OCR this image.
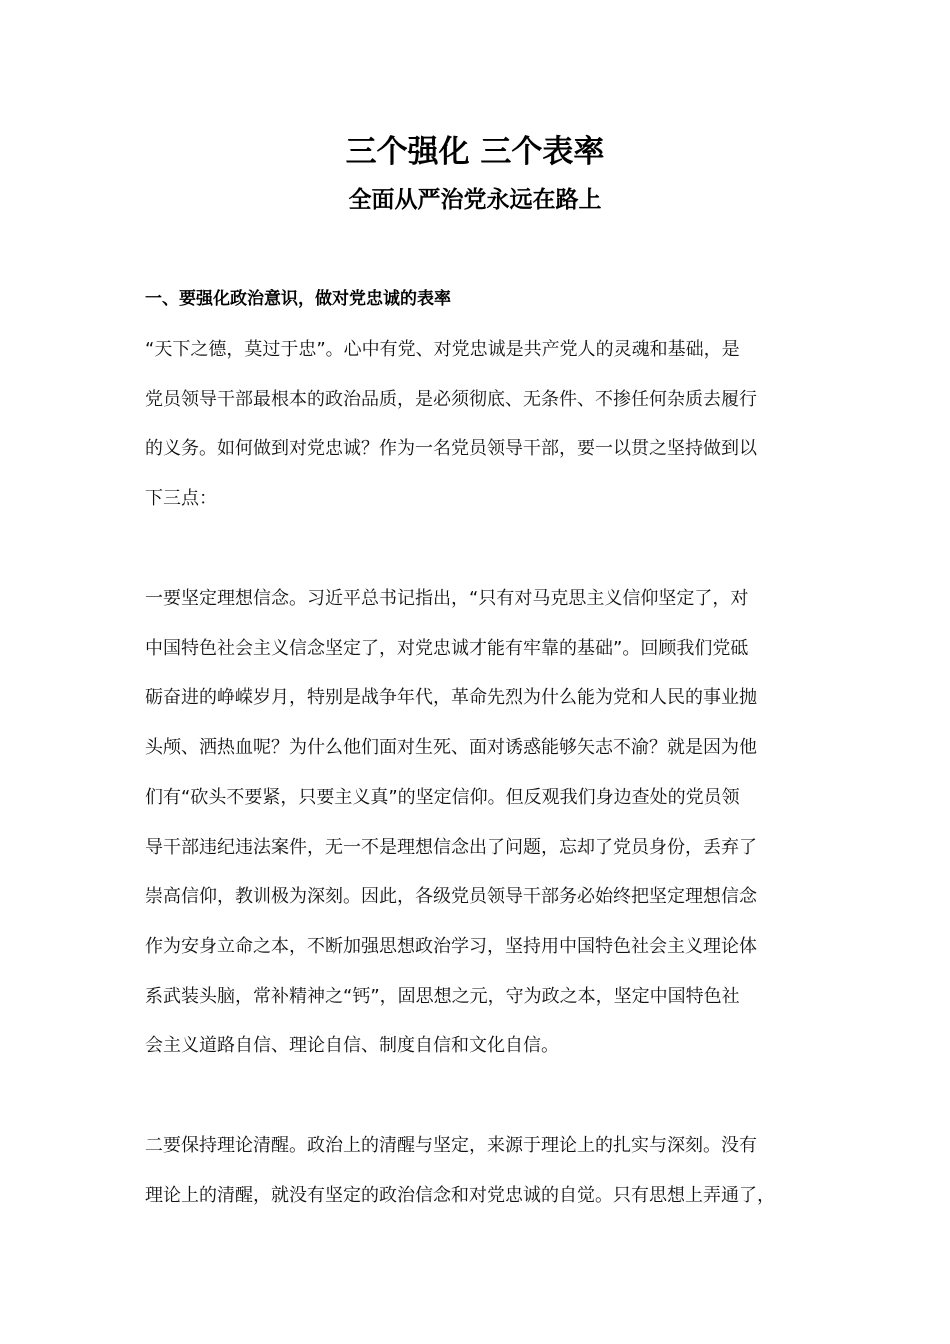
三个强化 三个表率
全面从严治党永远在路上
一、要强化政治意识，做对党忠诚的表率

“天下之德，莫过于忠”。心中有党、对党忠诚是共产党人的灵魂和基础，是
党员领导干部最根本的政治品质，是必须彻底、无条件、不掺任何杂质去履行
的义务。如何做到对党忠诚？作为一名党员领导干部，要一以贯之坚持做到以
下三点：

一要坚定理想信念。习近平总书记指出，“只有对马克思主义信仰坚定了，对
中国特色社会主义信念坚定了，对党忠诚才能有牢靠的基础”。回顾我们党砥
砺奋进的峥嵘岁月，特别是战争年代，革命先烈为什么能为党和人民的事业抛
头颅、洒热血呢？为什么他们面对生死、面对诱惑能够矢志不渝？就是因为他
们有“砍头不要紧，只要主义真”的坚定信仰。但反观我们身边查处的党员领
导干部违纪违法案件，无一不是理想信念出了问题，忘却了党员身份，丢弃了
崇高信仰，教训极为深刻。因此，各级党员领导干部务必始终把坚定理想信念
作为安身立命之本，不断加强思想政治学习，坚持用中国特色社会主义理论体
系武装头脑，常补精神之“钙”，固思想之元，守为政之本，坚定中国特色社
会主义道路自信、理论自信、制度自信和文化自信。

二要保持理论清醒。政治上的清醒与坚定，来源于理论上的扎实与深刻。没有
理论上的清醒，就没有坚定的政治信念和对党忠诚的自觉。只有思想上弄通了，
